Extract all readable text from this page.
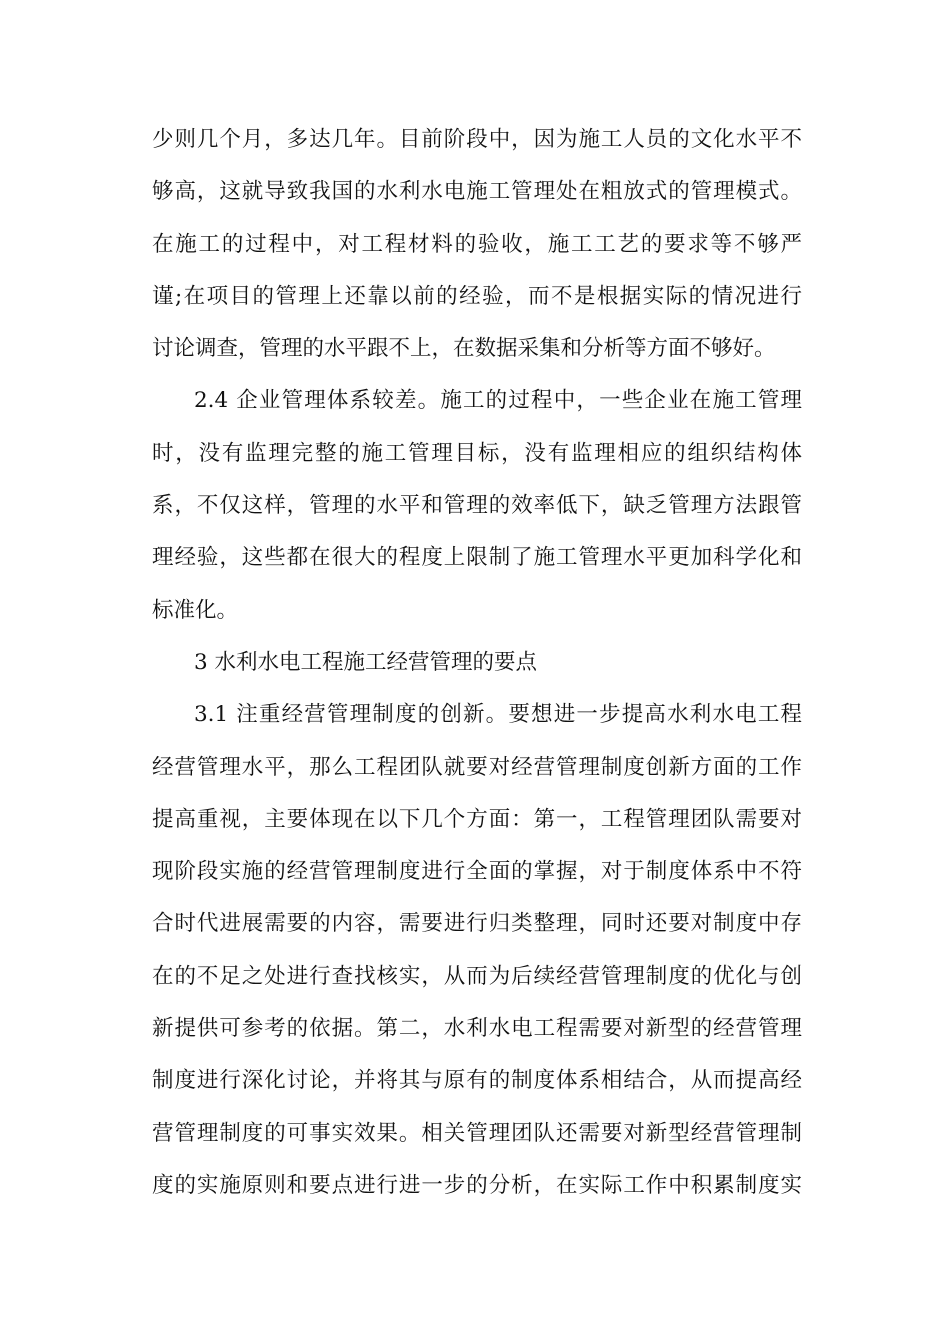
少则几个月，多达几年。目前阶段中，因为施工人员的文化水平不
够高，这就导致我国的水利水电施工管理处在粗放式的管理模式。
在施工的过程中，对工程材料的验收，施工工艺的要求等不够严
谨;在项目的管理上还靠以前的经验，而不是根据实际的情况进行
讨论调查，管理的水平跟不上，在数据采集和分析等方面不够好。
2.4 企业管理体系较差。施工的过程中，一些企业在施工管理
时，没有监理完整的施工管理目标，没有监理相应的组织结构体
系，不仅这样，管理的水平和管理的效率低下，缺乏管理方法跟管
理经验，这些都在很大的程度上限制了施工管理水平更加科学化和
标准化。
3 水利水电工程施工经营管理的要点
3.1 注重经营管理制度的创新。要想进一步提高水利水电工程
经营管理水平，那么工程团队就要对经营管理制度创新方面的工作
提高重视，主要体现在以下几个方面：第一，工程管理团队需要对
现阶段实施的经营管理制度进行全面的掌握，对于制度体系中不符
合时代进展需要的内容，需要进行归类整理，同时还要对制度中存
在的不足之处进行查找核实，从而为后续经营管理制度的优化与创
新提供可参考的依据。第二，水利水电工程需要对新型的经营管理
制度进行深化讨论，并将其与原有的制度体系相结合，从而提高经
营管理制度的可事实效果。相关管理团队还需要对新型经营管理制
度的实施原则和要点进行进一步的分析，在实际工作中积累制度实
